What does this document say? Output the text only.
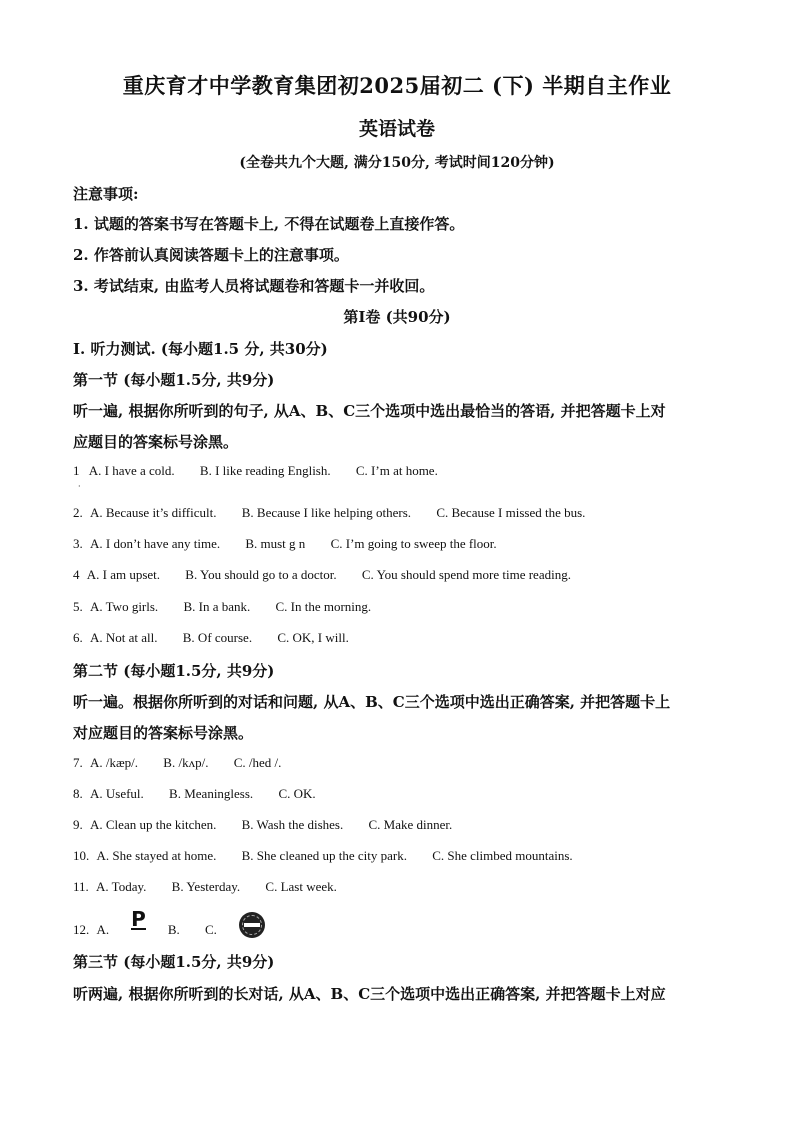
重庆育才中学教育集团初2025届初二 (下) 半期自主作业
英语试卷
(全卷共九个大题, 满分150分, 考试时间120分钟)
注意事项:
1. 试题的答案书写在答题卡上, 不得在试题卷上直接作答。
2. 作答前认真阅读答题卡上的注意事项。
3. 考试结束, 由监考人员将试题卷和答题卡一并收回。
第I卷 (共90分)
I. 听力测试. (每小题1.5 分, 共30分)
第一节 (每小题1.5分, 共9分)
听一遍, 根据你所听到的句子, 从A、B、C三个选项中选出最恰当的答语, 并把答题卡上对
应题目的答案标号涂黑。
1 A. I have a cold. B. I like reading English. C. I’m at home.
·
2. A. Because it’s difficult. B. Because I like helping others. C. Because I missed the bus.
3. A. I don’t have any time. B. must g n C. I’m going to sweep the floor.
4 A. I am upset. B. You should go to a doctor. C. You should spend more time reading.
5. A. Two girls. B. In a bank. C. In the morning.
6. A. Not at all. B. Of course. C. OK, I will.
第二节 (每小题1.5分, 共9分)
听一遍。根据你所听到的对话和问题, 从A、B、C三个选项中选出正确答案, 并把答题卡上
对应题目的答案标号涂黑。
7. A. /kæp/. B. /kʌp/. C. /hed /.
8. A. Useful. B. Meaningless. C. OK.
9. A. Clean up the kitchen. B. Wash the dishes. C. Make dinner.
10. A. She stayed at home. B. She cleaned up the city park. C. She climbed mountains.
11. A. Today. B. Yesterday. C. Last week.
12. A. P B. C.
第三节 (每小题1.5分, 共9分)
听两遍, 根据你所听到的长对话, 从A、B、C三个选项中选出正确答案, 并把答题卡上对应
